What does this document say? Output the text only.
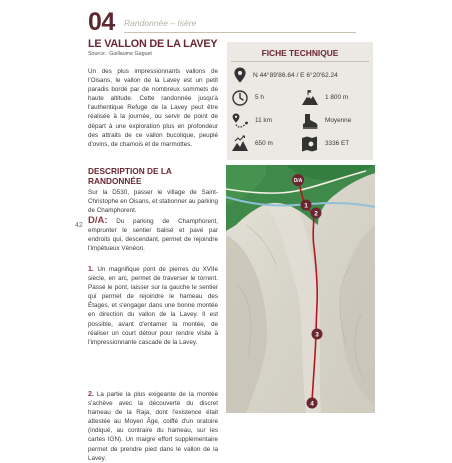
04 Randonnée – Isère
42
LE VALLON DE LA LAVEY
Source : Guillaume Gaguet

Un des plus impressionnants vallons de l'Oisans, le vallon de la Lavey est un petit paradis bordé par de nombreux sommets de haute altitude. Cette randonnée jusqu'à l'authentique Refuge de la Lavey peut être réalisée à la journée, ou servir de point de départ à une exploration plus en profondeur des attraits de ce vallon bucolique, peuplé d'ovins, de chamois et de marmottes.

DESCRIPTION DE LA RANDONNÉE

Sur la D530, passer le village de Saint-Christophe en Oisans, et stationner au parking de Champhorent.

D/A: Du parking de Champhorent, emprunter le sentier balisé et pavé par endroits qui, descendant, permet de rejoindre l'impétueux Vénéon.

1. Un magnifique pont de pierres du XVIIe siècle, en arc, permet de traverser le torrent. Passé le pont, laisser sur la gauche le sentier qui permet de rejoindre le hameau des Étages, et s'engager dans une bonne montée en direction du vallon de la Lavey. Il est possible, avant d'entamer la montée, de réaliser un court détour pour rendre visite à l'impressionnante cascade de la Lavey.

2. La partie la plus exigeante de la montée s'achève avec la découverte du discret hameau de la Raja, dont l'existence était attestée au Moyen Âge, coiffé d'un oratoire (indiqué, au contraire du hameau, sur les cartes IGN). Un maigre effort supplémentaire permet de prendre pied dans le vallon de la Lavey.

FICHE TECHNIQUE
N 44°89'86.64 / E 6°20'62.24
5 h	1 800 m
11 km	Moyenne
650 m	3336 ET
D/A
1
2
3
4
